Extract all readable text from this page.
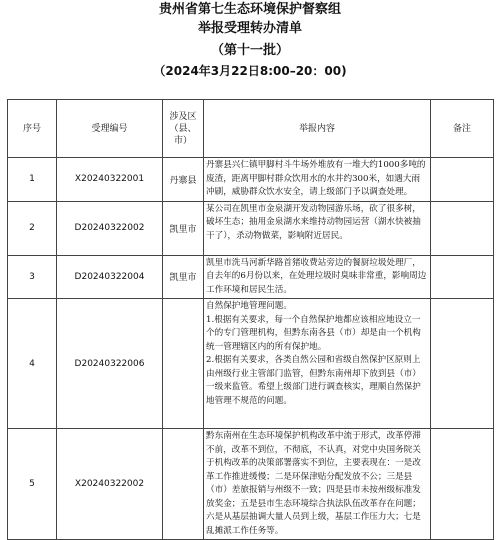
贵州省第七生态环境保护督察组
举报受理转办清单
（第十一批）
（2024年3月22日8:00–20：00)
序号	受理编号	涉及区（县、市）	举报内容	备注
1	X20240322001	丹寨县	丹寨县兴仁镇甲脚村斗牛场外堆放有一堆大约1000多吨的废渣，距离甲脚村群众饮用水的水井约300米，如遇大雨冲刷，威胁群众饮水安全，请上级部门予以调查处理。	

2	D20240322002	凯里市	某公司在凯里市金泉湖开发动物园游乐场，砍了很多树，破坏生态；抽用金泉湖水来维持动物园运营（湖水快被抽干了），杀动物做菜，影响附近居民。	

3	D20240322004	凯里市	凯里市洗马河新华路首猪收费站旁边的餐厨垃圾处理厂，自去年的6月份以来，在处理垃圾时臭味非常重，影响周边工作环境和居民生活。	

4	D20240322006		自然保护地管理问题。

1.根据有关要求，每一个自然保护地都应该相应地设立一个的专门管理机构，但黔东南各县（市）却是由一个机构统一管理辖区内的所有保护地。

2.根据有关要求，各类自然公园和省级自然保护区原则上由州级行业主管部门监管，但黔东南州却下放到县（市）一级来监管。希望上级部门进行调查核实，理顺自然保护地管理不规范的问题。	

5	X20240322002		黔东南州在生态环境保护机构改革中流于形式，改革停滞不前，改革不到位，不彻底，不认真，对党中央国务院关于机构改革的决策部署落实不到位，主要表现在：一是改革工作推进缓慢；二是环保津贴分配发放不公；三是县（市）差旅报销与州级不一致；四是县市未按州级标准发放奖金；五是县市生态环境综合执法队伍改革存在问题；六是从基层抽调大量人员到上级，基层工作压力大；七是乱摊派工作任务等。	
